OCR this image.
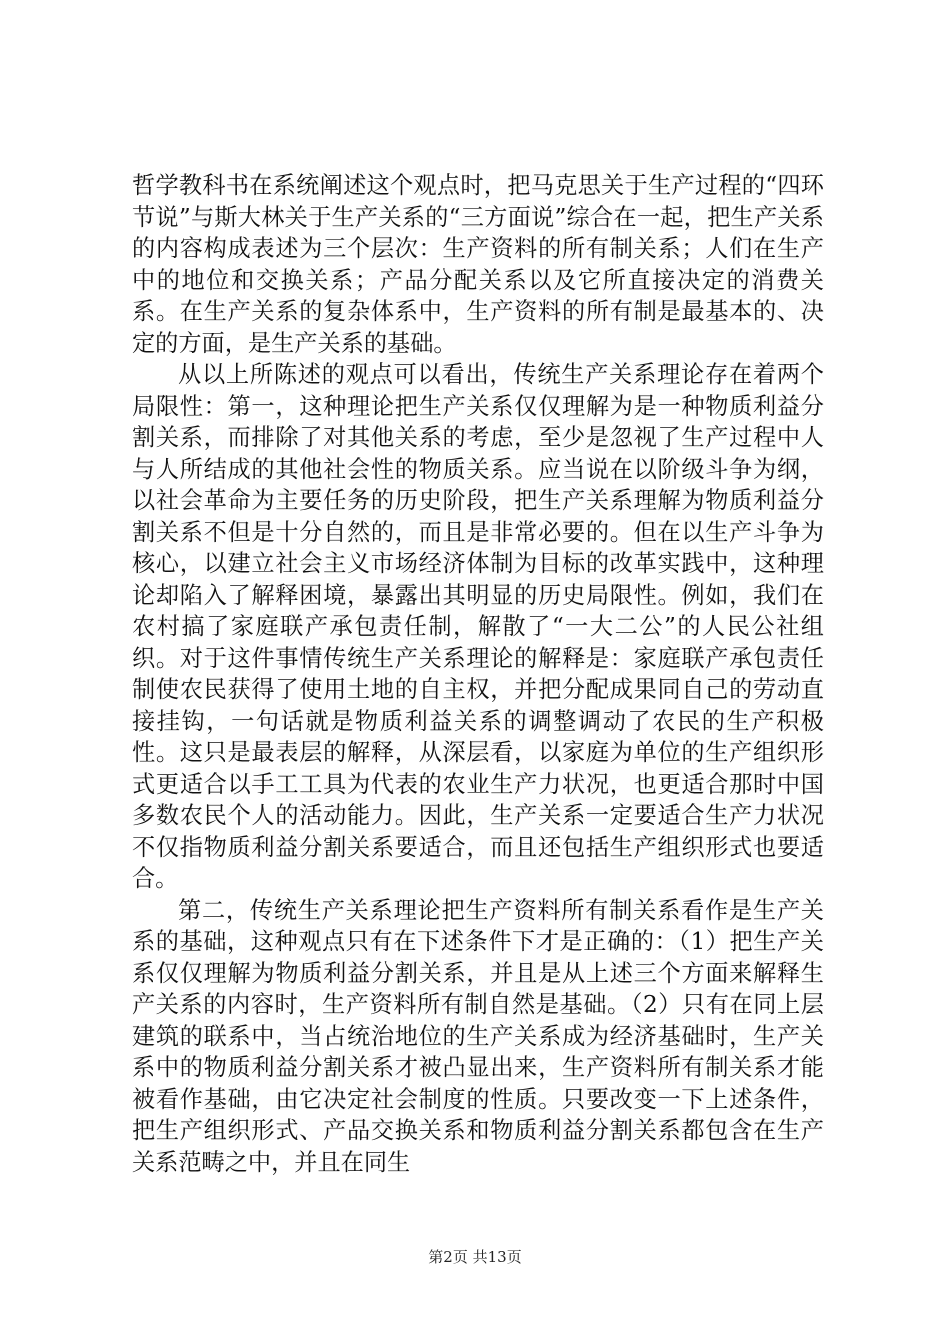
哲学教科书在系统阐述这个观点时，把马克思关于生产过程的“四环节说”与斯大林关于生产关系的“三方面说”综合在一起，把生产关系的内容构成表述为三个层次：生产资料的所有制关系；人们在生产中的地位和交换关系；产品分配关系以及它所直接决定的消费关系。在生产关系的复杂体系中，生产资料的所有制是最基本的、决定的方面，是生产关系的基础。

从以上所陈述的观点可以看出，传统生产关系理论存在着两个局限性：第一，这种理论把生产关系仅仅理解为是一种物质利益分割关系，而排除了对其他关系的考虑，至少是忽视了生产过程中人与人所结成的其他社会性的物质关系。应当说在以阶级斗争为纲，以社会革命为主要任务的历史阶段，把生产关系理解为物质利益分割关系不但是十分自然的，而且是非常必要的。但在以生产斗争为核心，以建立社会主义市场经济体制为目标的改革实践中，这种理论却陷入了解释困境，暴露出其明显的历史局限性。例如，我们在农村搞了家庭联产承包责任制，解散了“一大二公”的人民公社组织。对于这件事情传统生产关系理论的解释是：家庭联产承包责任制使农民获得了使用土地的自主权，并把分配成果同自己的劳动直接挂钩，一句话就是物质利益关系的调整调动了农民的生产积极性。这只是最表层的解释，从深层看，以家庭为单位的生产组织形式更适合以手工工具为代表的农业生产力状况，也更适合那时中国多数农民个人的活动能力。因此，生产关系一定要适合生产力状况不仅指物质利益分割关系要适合，而且还包括生产组织形式也要适合。

第二，传统生产关系理论把生产资料所有制关系看作是生产关系的基础，这种观点只有在下述条件下才是正确的：（1）把生产关系仅仅理解为物质利益分割关系，并且是从上述三个方面来解释生产关系的内容时，生产资料所有制自然是基础。（2）只有在同上层建筑的联系中，当占统治地位的生产关系成为经济基础时，生产关系中的物质利益分割关系才被凸显出来，生产资料所有制关系才能被看作基础，由它决定社会制度的性质。只要改变一下上述条件，把生产组织形式、产品交换关系和物质利益分割关系都包含在生产关系范畴之中，并且在同生

第2页 共13页
